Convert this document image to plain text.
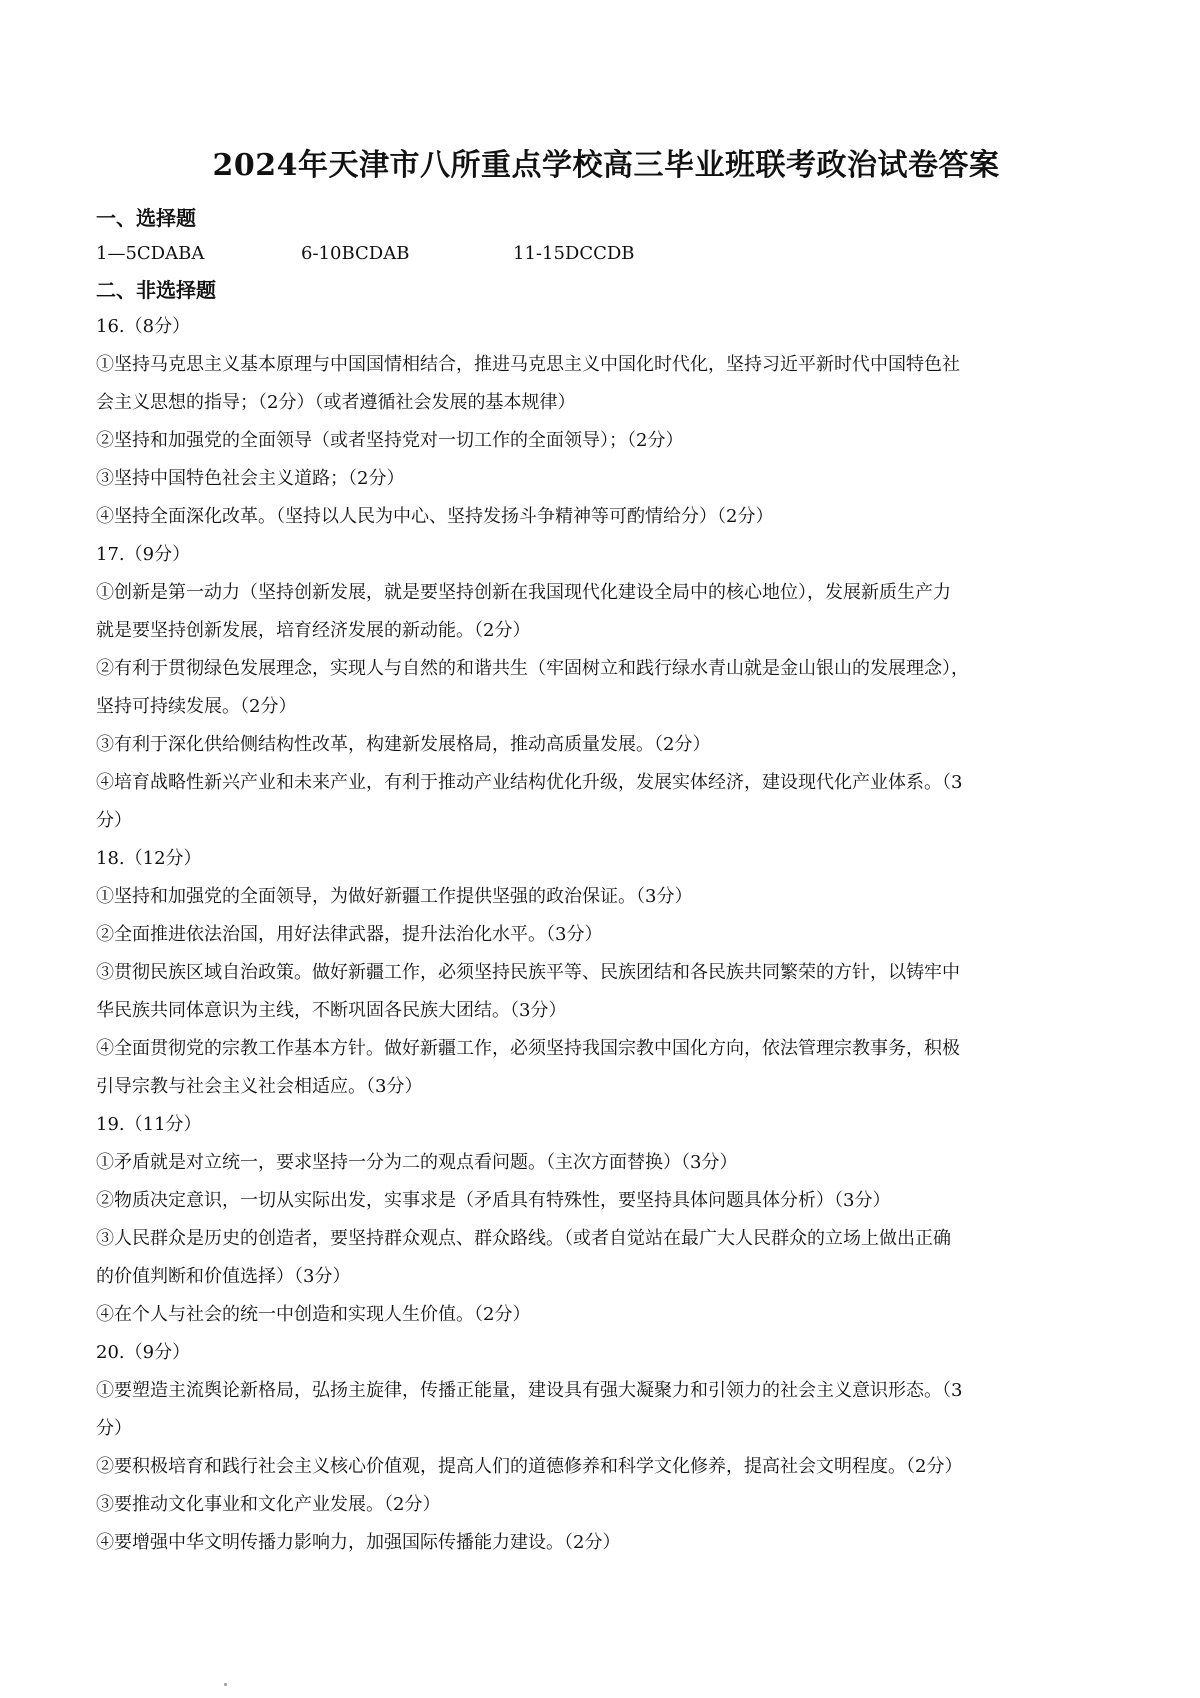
2024年天津市八所重点学校高三毕业班联考政治试卷答案
一、选择题
1—5CDABA	6-10BCDAB	11-15DCCDB
二、非选择题

16.（8分）

①坚持马克思主义基本原理与中国国情相结合，推进马克思主义中国化时代化，坚持习近平新时代中国特色社

会主义思想的指导；（2分）（或者遵循社会发展的基本规律）

②坚持和加强党的全面领导（或者坚持党对一切工作的全面领导）；（2分）

③坚持中国特色社会主义道路；（2分）

④坚持全面深化改革。（坚持以人民为中心、坚持发扬斗争精神等可酌情给分）（2分）

17.（9分）

①创新是第一动力（坚持创新发展，就是要坚持创新在我国现代化建设全局中的核心地位），发展新质生产力

就是要坚持创新发展，培育经济发展的新动能。（2分）

②有利于贯彻绿色发展理念，实现人与自然的和谐共生（牢固树立和践行绿水青山就是金山银山的发展理念），

坚持可持续发展。（2分）

③有利于深化供给侧结构性改革，构建新发展格局，推动高质量发展。（2分）

④培育战略性新兴产业和未来产业，有利于推动产业结构优化升级，发展实体经济，建设现代化产业体系。（3

分）

18.（12分）

①坚持和加强党的全面领导，为做好新疆工作提供坚强的政治保证。（3分）

②全面推进依法治国，用好法律武器，提升法治化水平。（3分）

③贯彻民族区域自治政策。做好新疆工作，必须坚持民族平等、民族团结和各民族共同繁荣的方针，以铸牢中

华民族共同体意识为主线，不断巩固各民族大团结。（3分）

④全面贯彻党的宗教工作基本方针。做好新疆工作，必须坚持我国宗教中国化方向，依法管理宗教事务，积极

引导宗教与社会主义社会相适应。（3分）

19.（11分）

①矛盾就是对立统一，要求坚持一分为二的观点看问题。（主次方面替换）（3分）

②物质决定意识，一切从实际出发，实事求是（矛盾具有特殊性，要坚持具体问题具体分析）（3分）

③人民群众是历史的创造者，要坚持群众观点、群众路线。（或者自觉站在最广大人民群众的立场上做出正确

的价值判断和价值选择）（3分）

④在个人与社会的统一中创造和实现人生价值。（2分）

20.（9分）

①要塑造主流舆论新格局，弘扬主旋律，传播正能量，建设具有强大凝聚力和引领力的社会主义意识形态。（3

分）

②要积极培育和践行社会主义核心价值观，提高人们的道德修养和科学文化修养，提高社会文明程度。（2分）

③要推动文化事业和文化产业发展。（2分）

④要增强中华文明传播力影响力，加强国际传播能力建设。（2分）
